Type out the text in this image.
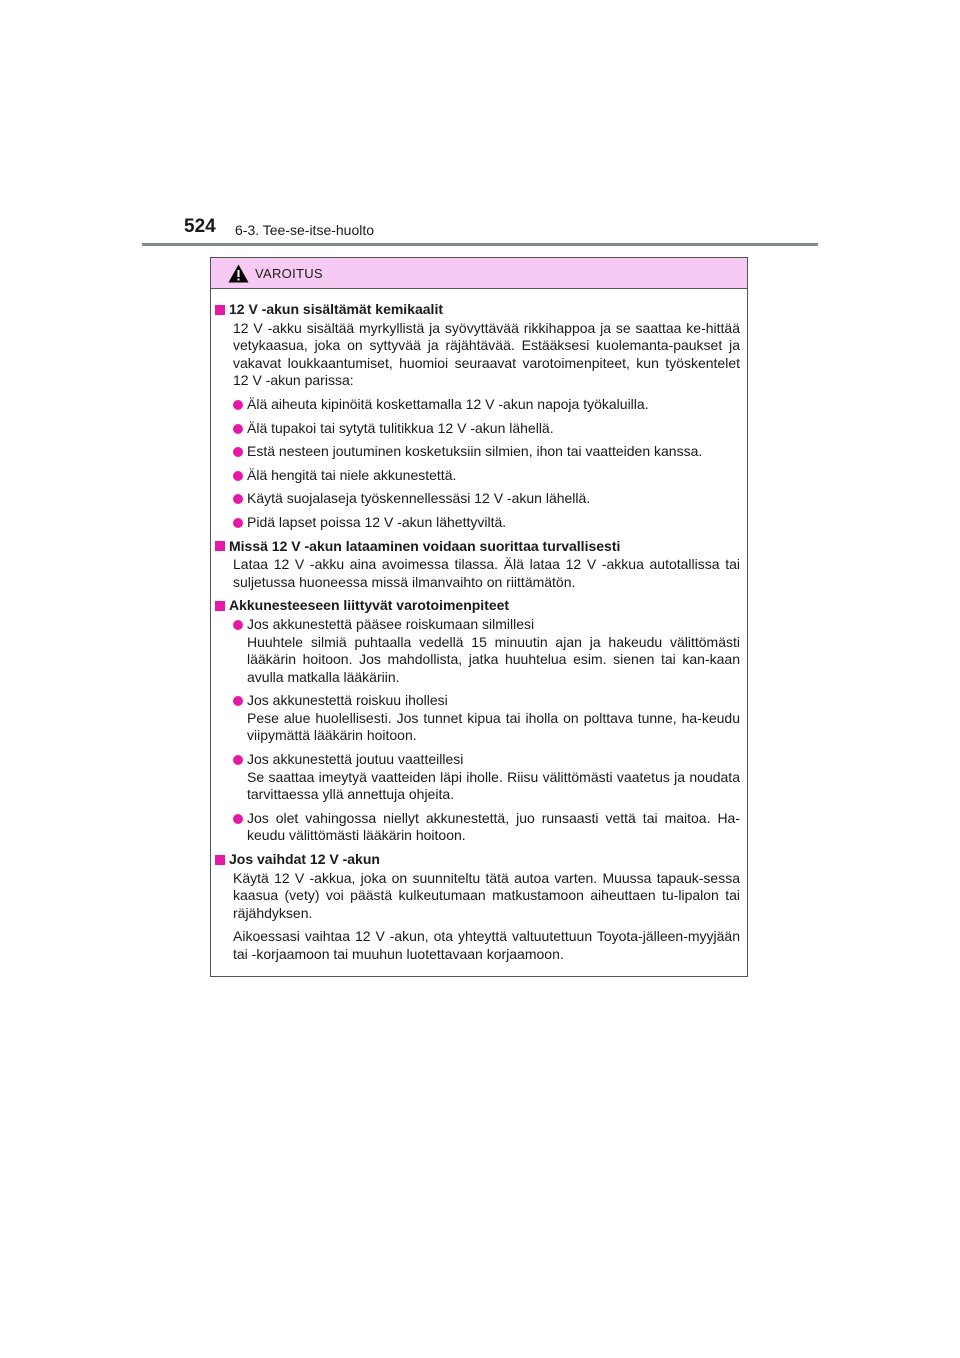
524 6-3. Tee-se-itse-huolto
VAROITUS
12 V -akun sisältämät kemikaalit
12 V -akku sisältää myrkyllistä ja syövyttävää rikkihappoa ja se saattaa ke-hittää vetykaasua, joka on syttyvää ja räjähtävää. Estääksesi kuolemanta-paukset ja vakavat loukkaantumiset, huomioi seuraavat varotoimenpiteet, kun työskentelet 12 V -akun parissa:
Älä aiheuta kipinöitä koskettamalla 12 V -akun napoja työkaluilla.
Älä tupakoi tai sytytä tulitikkua 12 V -akun lähellä.
Estä nesteen joutuminen kosketuksiin silmien, ihon tai vaatteiden kanssa.
Älä hengitä tai niele akkunestettä.
Käytä suojalaseja työskennellessäsi 12 V -akun lähellä.
Pidä lapset poissa 12 V -akun lähettyviltä.
Missä 12 V -akun lataaminen voidaan suorittaa turvallisesti
Lataa 12 V -akku aina avoimessa tilassa. Älä lataa 12 V -akkua autotallissa tai suljetussa huoneessa missä ilmanvaihto on riittämätön.
Akkunesteeseen liittyvät varotoimenpiteet
Jos akkunestettä pääsee roiskumaan silmillesi
Huuhtele silmiä puhtaalla vedellä 15 minuutin ajan ja hakeudu välittömästi lääkärin hoitoon. Jos mahdollista, jatka huuhtelua esim. sienen tai kan-kaan avulla matkalla lääkäriin.
Jos akkunestettä roiskuu ihollesi
Pese alue huolellisesti. Jos tunnet kipua tai iholla on polttava tunne, ha-keudu viipymättä lääkärin hoitoon.
Jos akkunestettä joutuu vaatteillesi
Se saattaa imeytyä vaatteiden läpi iholle. Riisu välittömästi vaatetus ja noudata tarvittaessa yllä annettuja ohjeita.
Jos olet vahingossa niellyt akkunestettä, juo runsaasti vettä tai maitoa. Ha-keudu välittömästi lääkärin hoitoon.
Jos vaihdat 12 V -akun
Käytä 12 V -akkua, joka on suunniteltu tätä autoa varten. Muussa tapauk-sessa kaasua (vety) voi päästä kulkeutumaan matkustamoon aiheuttaen tu-lipalon tai räjähdyksen.
Aikoessasi vaihtaa 12 V -akun, ota yhteyttä valtuutettuun Toyota-jälleen-myyjään tai -korjaamoon tai muuhun luotettavaan korjaamoon.
